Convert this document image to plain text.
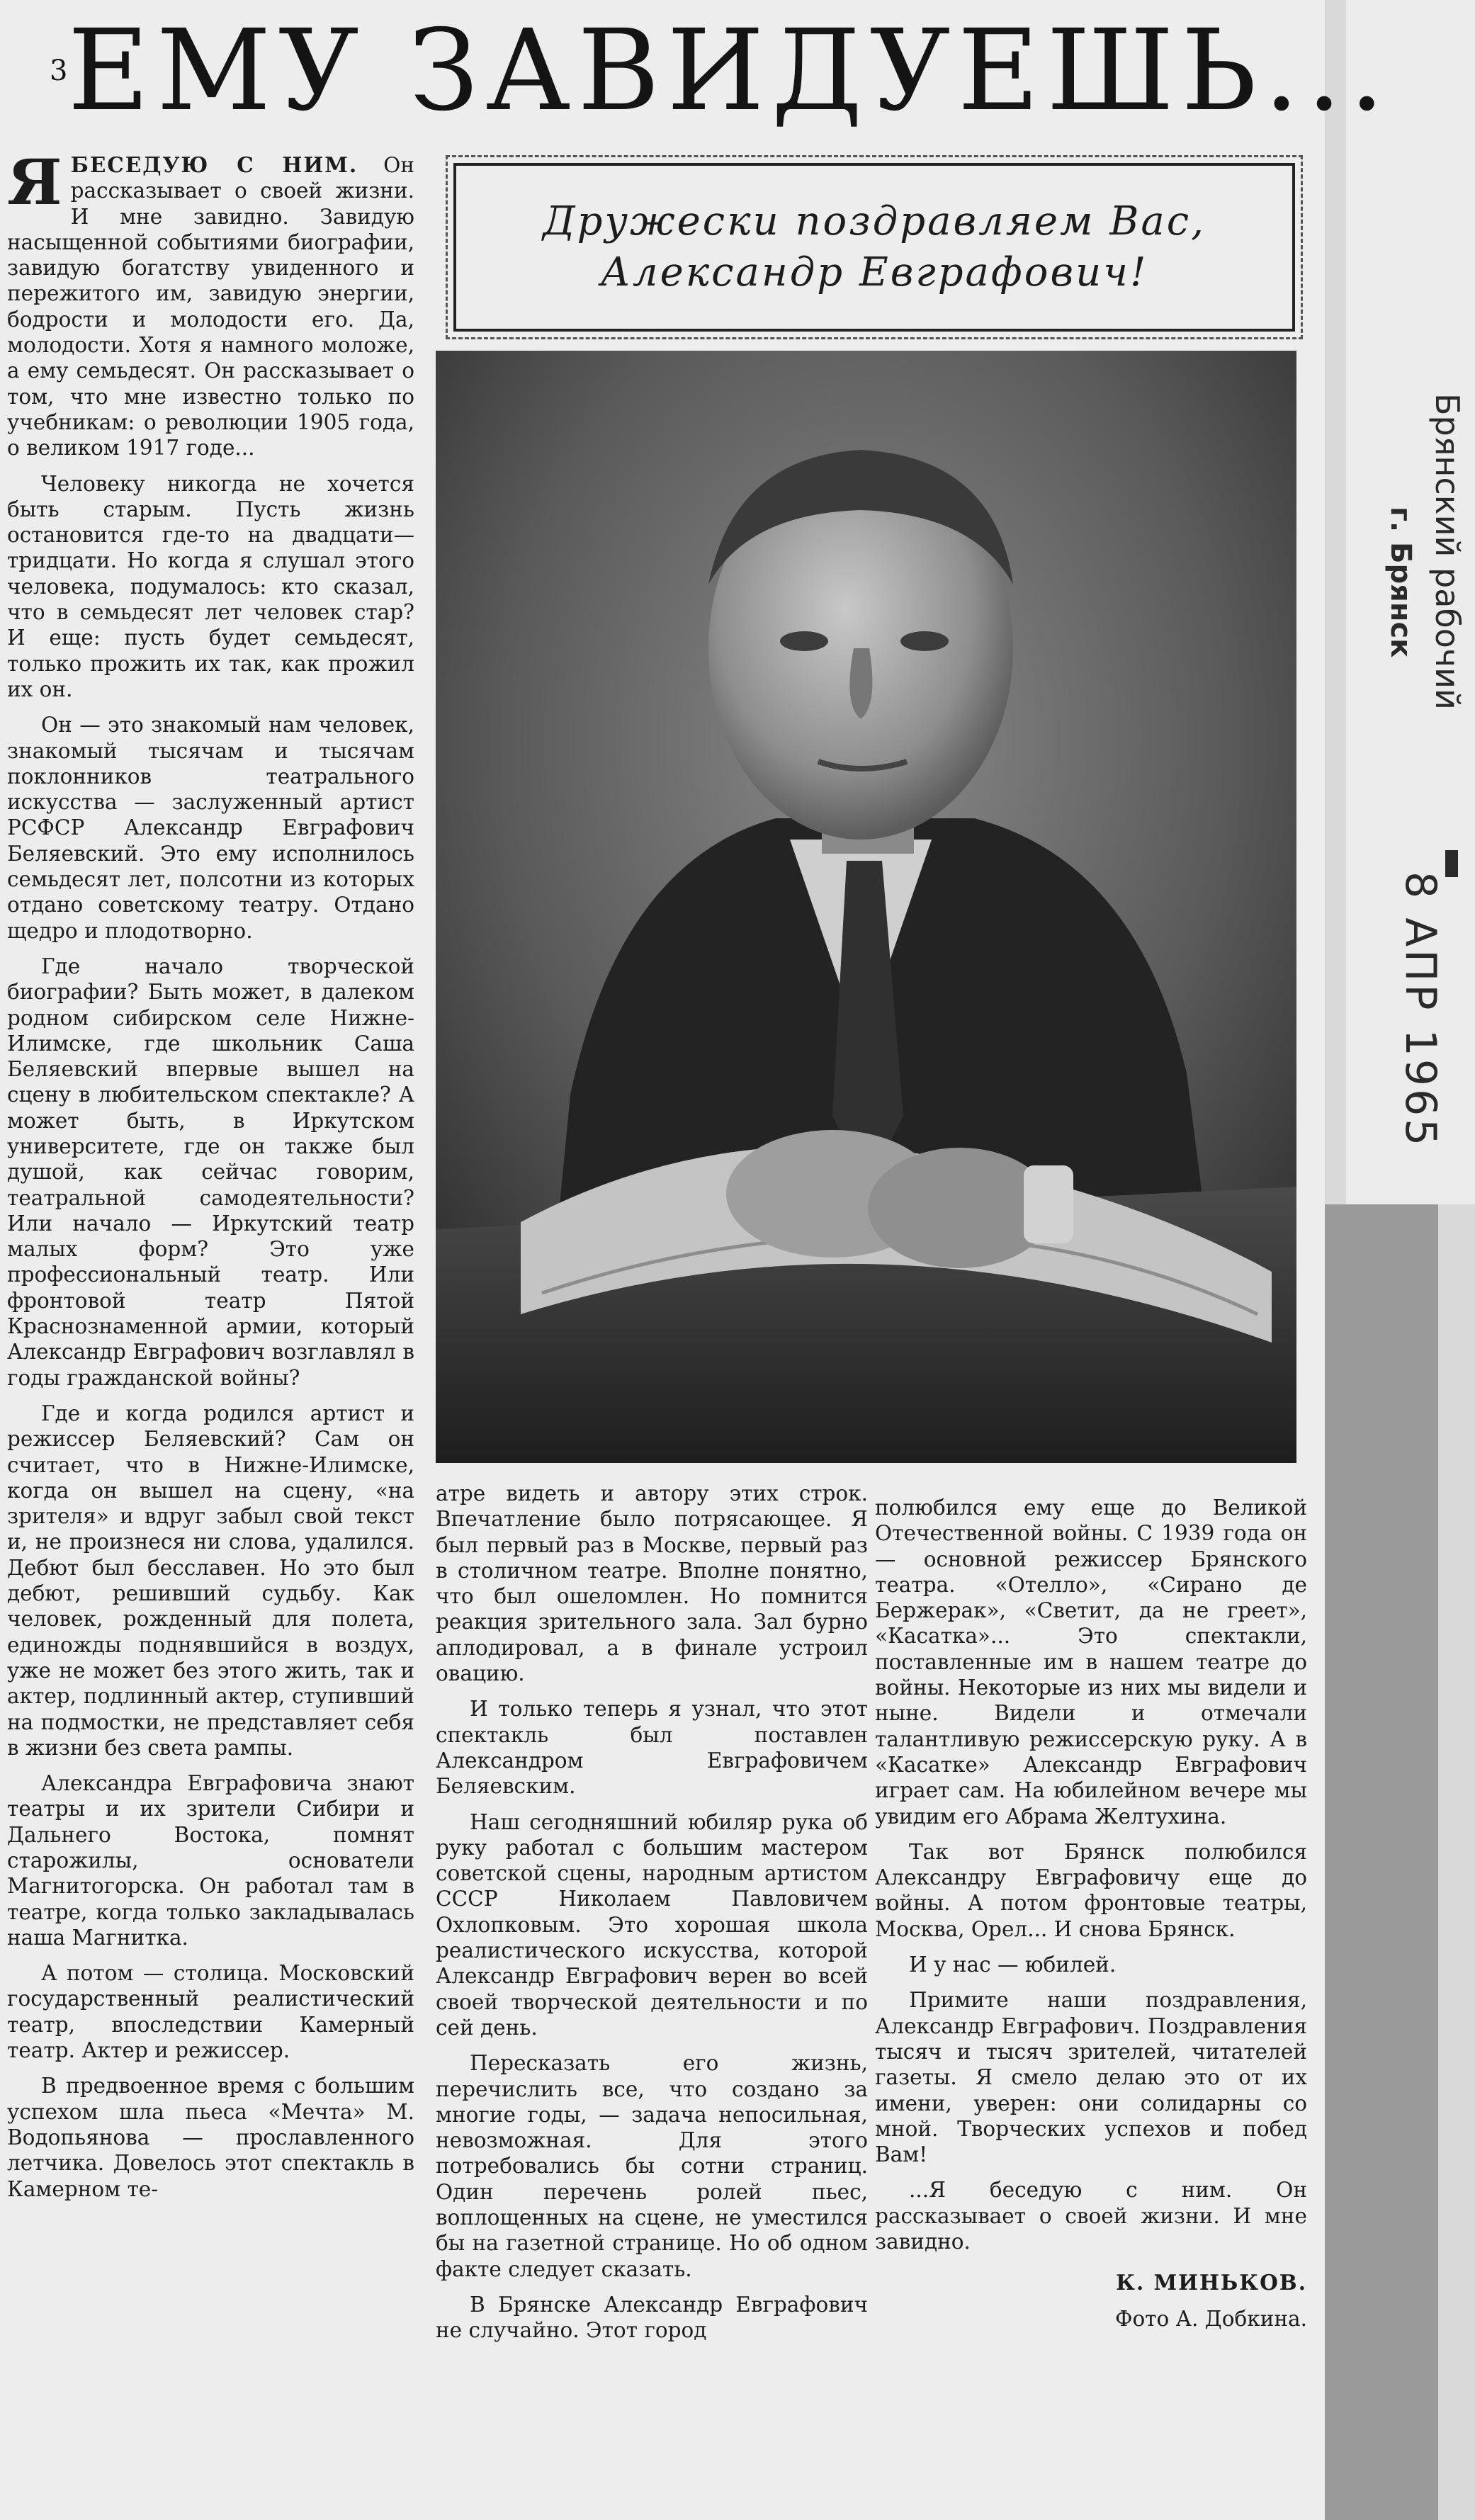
$^3$ЕМУ ЗАВИДУЕШЬ...

ЯБЕСЕДУЮ С НИМ. Он рассказывает о своей жизни. И мне завидно. Завидую насыщенной событиями биографии, завидую богатству увиденного и пережитого им, завидую энергии, бодрости и молодости его. Да, молодости. Хотя я намного моложе, а ему семьдесят. Он рассказывает о том, что мне известно только по учебникам: о революции 1905 года, о великом 1917 годе...

Человеку никогда не хочется быть старым. Пусть жизнь остановится где-то на двадцати—тридцати. Но когда я слушал этого человека, подумалось: кто сказал, что в семьдесят лет человек стар? И еще: пусть будет семьдесят, только прожить их так, как прожил их он.

Он — это знакомый нам человек, знакомый тысячам и тысячам поклонников театрального искусства — заслуженный артист РСФСР Александр Евграфович Беляевский. Это ему исполнилось семьдесят лет, полсотни из которых отдано советскому театру. Отдано щедро и плодотворно.

Где начало творческой биографии? Быть может, в далеком родном сибирском селе Нижне-Илимске, где школьник Саша Беляевский впервые вышел на сцену в любительском спектакле? А может быть, в Иркутском университете, где он также был душой, как сейчас говорим, театральной самодеятельности? Или начало — Иркутский театр малых форм? Это уже профессиональный театр. Или фронтовой театр Пятой Краснознаменной армии, который Александр Евграфович возглавлял в годы гражданской войны?

Где и когда родился артист и режиссер Беляевский? Сам он считает, что в Нижне-Илимске, когда он вышел на сцену, «на зрителя» и вдруг забыл свой текст и, не произнеся ни слова, удалился. Дебют был бесславен. Но это был дебют, решивший судьбу. Как человек, рожденный для полета, единожды поднявшийся в воздух, уже не может без этого жить, так и актер, подлинный актер, ступивший на подмостки, не представляет себя в жизни без света рампы.

Александра Евграфовича знают театры и их зрители Сибири и Дальнего Востока, помнят старожилы, основатели Магнитогорска. Он работал там в театре, когда только закладывалась наша Магнитка.

А потом — столица. Московский государственный реалистический театр, впоследствии Камерный театр. Актер и режиссер.

В предвоенное время с большим успехом шла пьеса «Мечта» М. Водопьянова — прославленного летчика. Довелось этот спектакль в Камерном те-

Дружески поздравляем Вас,
Александр Евграфович!

атре видеть и автору этих строк. Впечатление было потрясающее. Я был первый раз в Москве, первый раз в столичном театре. Вполне понятно, что был ошеломлен. Но помнится реакция зрительного зала. Зал бурно аплодировал, а в финале устроил овацию.

И только теперь я узнал, что этот спектакль был поставлен Александром Евграфовичем Беляевским.

Наш сегодняшний юбиляр рука об руку работал с большим мастером советской сцены, народным артистом СССР Николаем Павловичем Охлопковым. Это хорошая школа реалистического искусства, которой Александр Евграфович верен во всей своей творческой деятельности и по сей день.

Пересказать его жизнь, перечислить все, что создано за многие годы, — задача непосильная, невозможная. Для этого потребовались бы сотни страниц. Один перечень ролей пьес, воплощенных на сцене, не уместился бы на газетной странице. Но об одном факте следует сказать.

В Брянске Александр Евграфович не случайно. Этот город

полюбился ему еще до Великой Отечественной войны. С 1939 года он — основной режиссер Брянского театра. «Отелло», «Сирано де Бержерак», «Светит, да не греет», «Касатка»... Это спектакли, поставленные им в нашем театре до войны. Некоторые из них мы видели и ныне. Видели и отмечали талантливую режиссерскую руку. А в «Касатке» Александр Евграфович играет сам. На юбилейном вечере мы увидим его Абрама Желтухина.

Так вот Брянск полюбился Александру Евграфовичу еще до войны. А потом фронтовые театры, Москва, Орел... И снова Брянск.

И у нас — юбилей.

Примите наши поздравления, Александр Евграфович. Поздравления тысяч и тысяч зрителей, читателей газеты. Я смело делаю это от их имени, уверен: они солидарны со мной. Творческих успехов и побед Вам!

...Я беседую с ним. Он рассказывает о своей жизни. И мне завидно.

К. МИНЬКОВ.

Фото А. Добкина.

Брянский рабочий
г. Брянск
8 АПР 1965
